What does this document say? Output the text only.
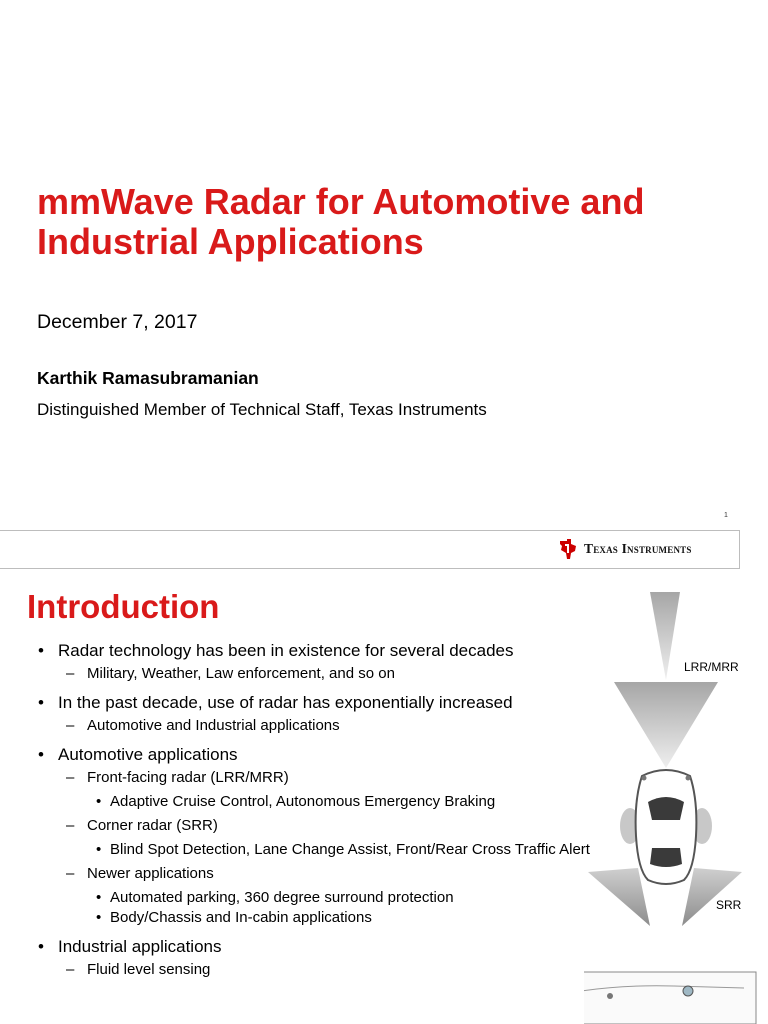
mmWave Radar for Automotive and
Industrial Applications
December 7, 2017
Karthik Ramasubramanian
Distinguished Member of Technical Staff, Texas Instruments
1
Texas Instruments
Introduction
• Radar technology has been in existence for several decades
– Military, Weather, Law enforcement, and so on
• In the past decade, use of radar has exponentially increased
– Automotive and Industrial applications
• Automotive applications
– Front-facing radar (LRR/MRR)
• Adaptive Cruise Control, Autonomous Emergency Braking
– Corner radar (SRR)
• Blind Spot Detection, Lane Change Assist, Front/Rear Cross Traffic Alert
– Newer applications
• Automated parking, 360 degree surround protection
• Body/Chassis and In-cabin applications
• Industrial applications
– Fluid level sensing
LRR/MRR
SRR
